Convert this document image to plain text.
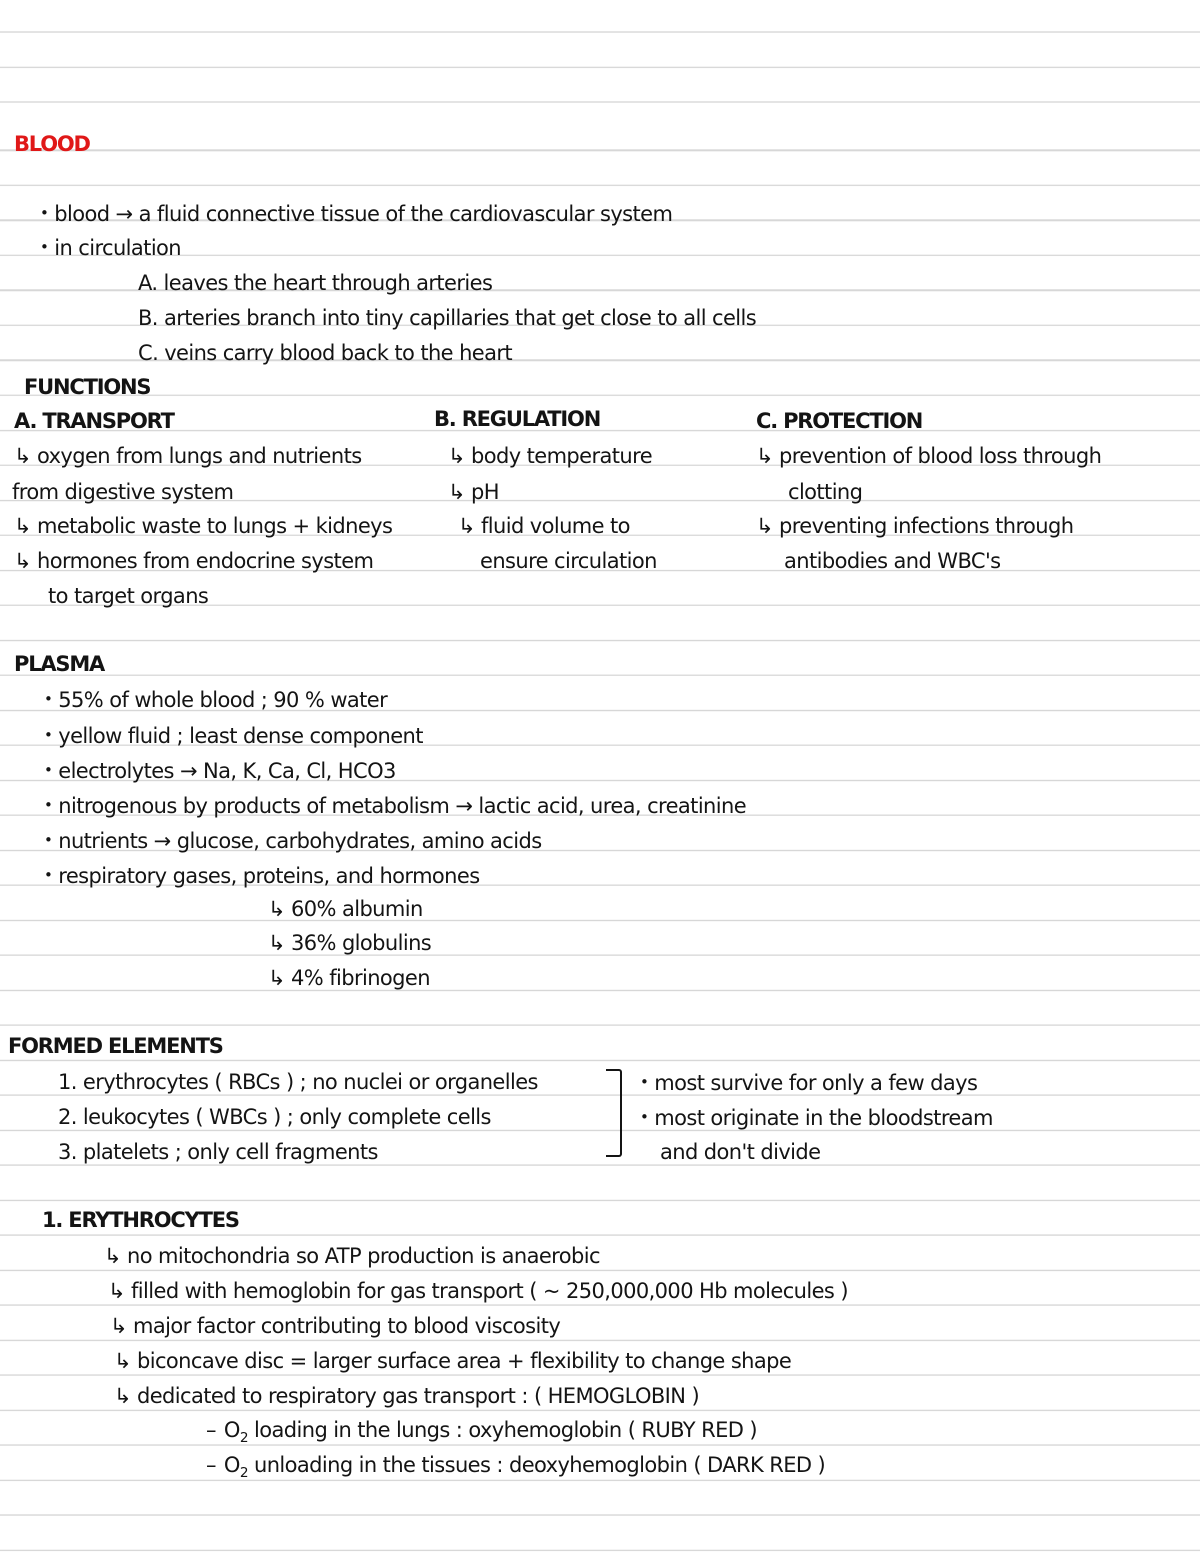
BLOOD
• blood → a fluid connective tissue of the cardiovascular system
• in circulation
A. leaves the heart through arteries
B. arteries branch into tiny capillaries that get close to all cells
C. veins carry blood back to the heart
FUNCTIONS
A. TRANSPORT
↳ oxygen from lungs and nutrients
from digestive system
↳ metabolic waste to lungs + kidneys
↳ hormones from endocrine system
to target organs
B. REGULATION
↳ body temperature
↳ pH
↳ fluid volume to
ensure circulation
C. PROTECTION
↳ prevention of blood loss through
clotting
↳ preventing infections through
antibodies and WBC's
PLASMA
• 55% of whole blood ; 90 % water
• yellow fluid ; least dense component
• electrolytes → Na, K, Ca, Cl, HCO3
• nitrogenous by products of metabolism → lactic acid, urea, creatinine
• nutrients → glucose, carbohydrates, amino acids
• respiratory gases, proteins, and hormones
↳ 60% albumin
↳ 36% globulins
↳ 4% fibrinogen
FORMED ELEMENTS
1. erythrocytes ( RBCs ) ; no nuclei or organelles
2. leukocytes ( WBCs ) ; only complete cells
3. platelets ; only cell fragments
• most survive for only a few days
• most originate in the bloodstream
and don't divide
1. ERYTHROCYTES
↳ no mitochondria so ATP production is anaerobic
↳ filled with hemoglobin for gas transport ( ~ 250,000,000 Hb molecules )
↳ major factor contributing to blood viscosity
↳ biconcave disc = larger surface area + flexibility to change shape
↳ dedicated to respiratory gas transport : ( HEMOGLOBIN )
– $O_2$ loading in the lungs : oxyhemoglobin ( RUBY RED )
– $O_2$ unloading in the tissues : deoxyhemoglobin ( DARK RED )
